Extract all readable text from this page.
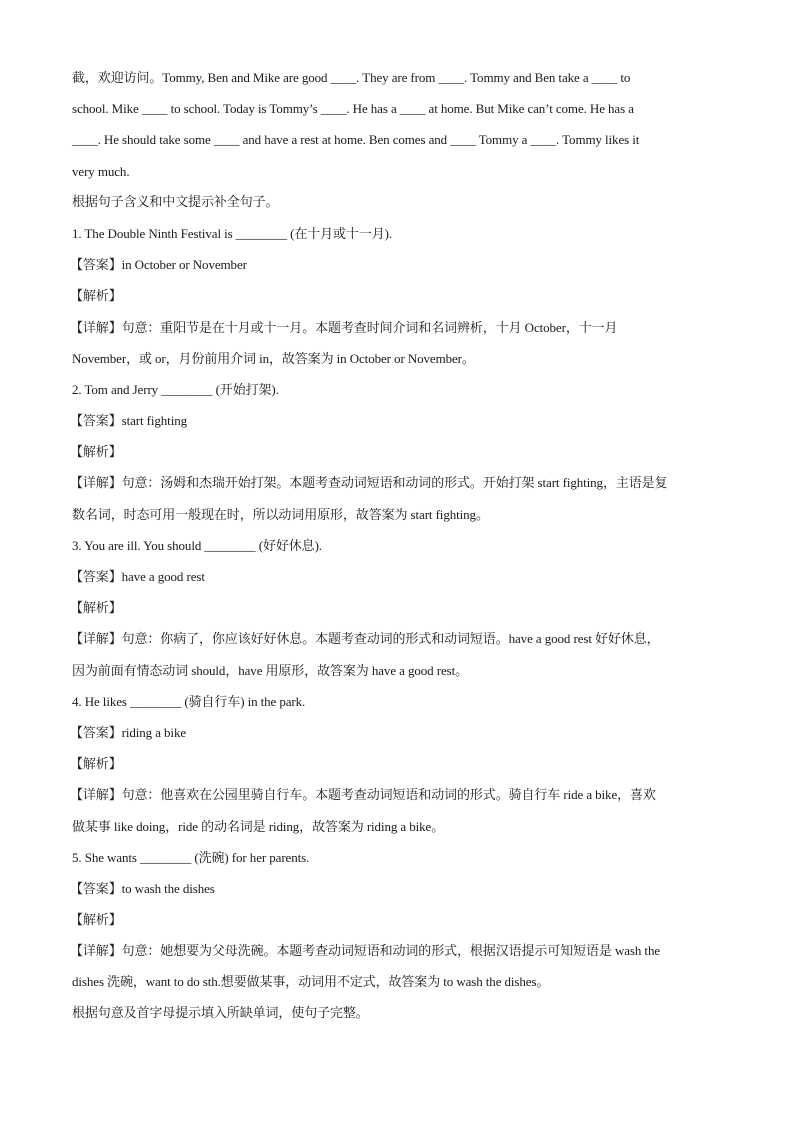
截，欢迎访问。Tommy, Ben and Mike are good ____. They are from ____. Tommy and Ben take a ____ to
school. Mike ____ to school. Today is Tommy’s ____. He has a ____ at home. But Mike can’t come. He has a
____. He should take some ____ and have a rest at home. Ben comes and ____ Tommy a ____. Tommy likes it
very much.
根据句子含义和中文提示补全句子。
1. The Double Ninth Festival is ________ (在十月或十一月).
【答案】in October or November
【解析】
【详解】句意：重阳节是在十月或十一月。本题考查时间介词和名词辨析，十月 October，十一月
November，或 or，月份前用介词 in，故答案为 in October or November。
2. Tom and Jerry ________ (开始打架).
【答案】start fighting
【解析】
【详解】句意：汤姆和杰瑞开始打架。本题考查动词短语和动词的形式。开始打架 start fighting，主语是复
数名词，时态可用一般现在时，所以动词用原形，故答案为 start fighting。
3. You are ill. You should ________ (好好休息).
【答案】have a good rest
【解析】
【详解】句意：你病了，你应该好好休息。本题考查动词的形式和动词短语。have a good rest 好好休息，
因为前面有情态动词 should，have 用原形，故答案为 have a good rest。
4. He likes ________ (骑自行车) in the park.
【答案】riding a bike
【解析】
【详解】句意：他喜欢在公园里骑自行车。本题考查动词短语和动词的形式。骑自行车 ride a bike，喜欢
做某事 like doing，ride 的动名词是 riding，故答案为 riding a bike。
5. She wants ________ (洗碗) for her parents.
【答案】to wash the dishes
【解析】
【详解】句意：她想要为父母洗碗。本题考查动词短语和动词的形式，根据汉语提示可知短语是 wash the
dishes 洗碗，want to do sth.想要做某事，动词用不定式，故答案为 to wash the dishes。
根据句意及首字母提示填入所缺单词，使句子完整。
